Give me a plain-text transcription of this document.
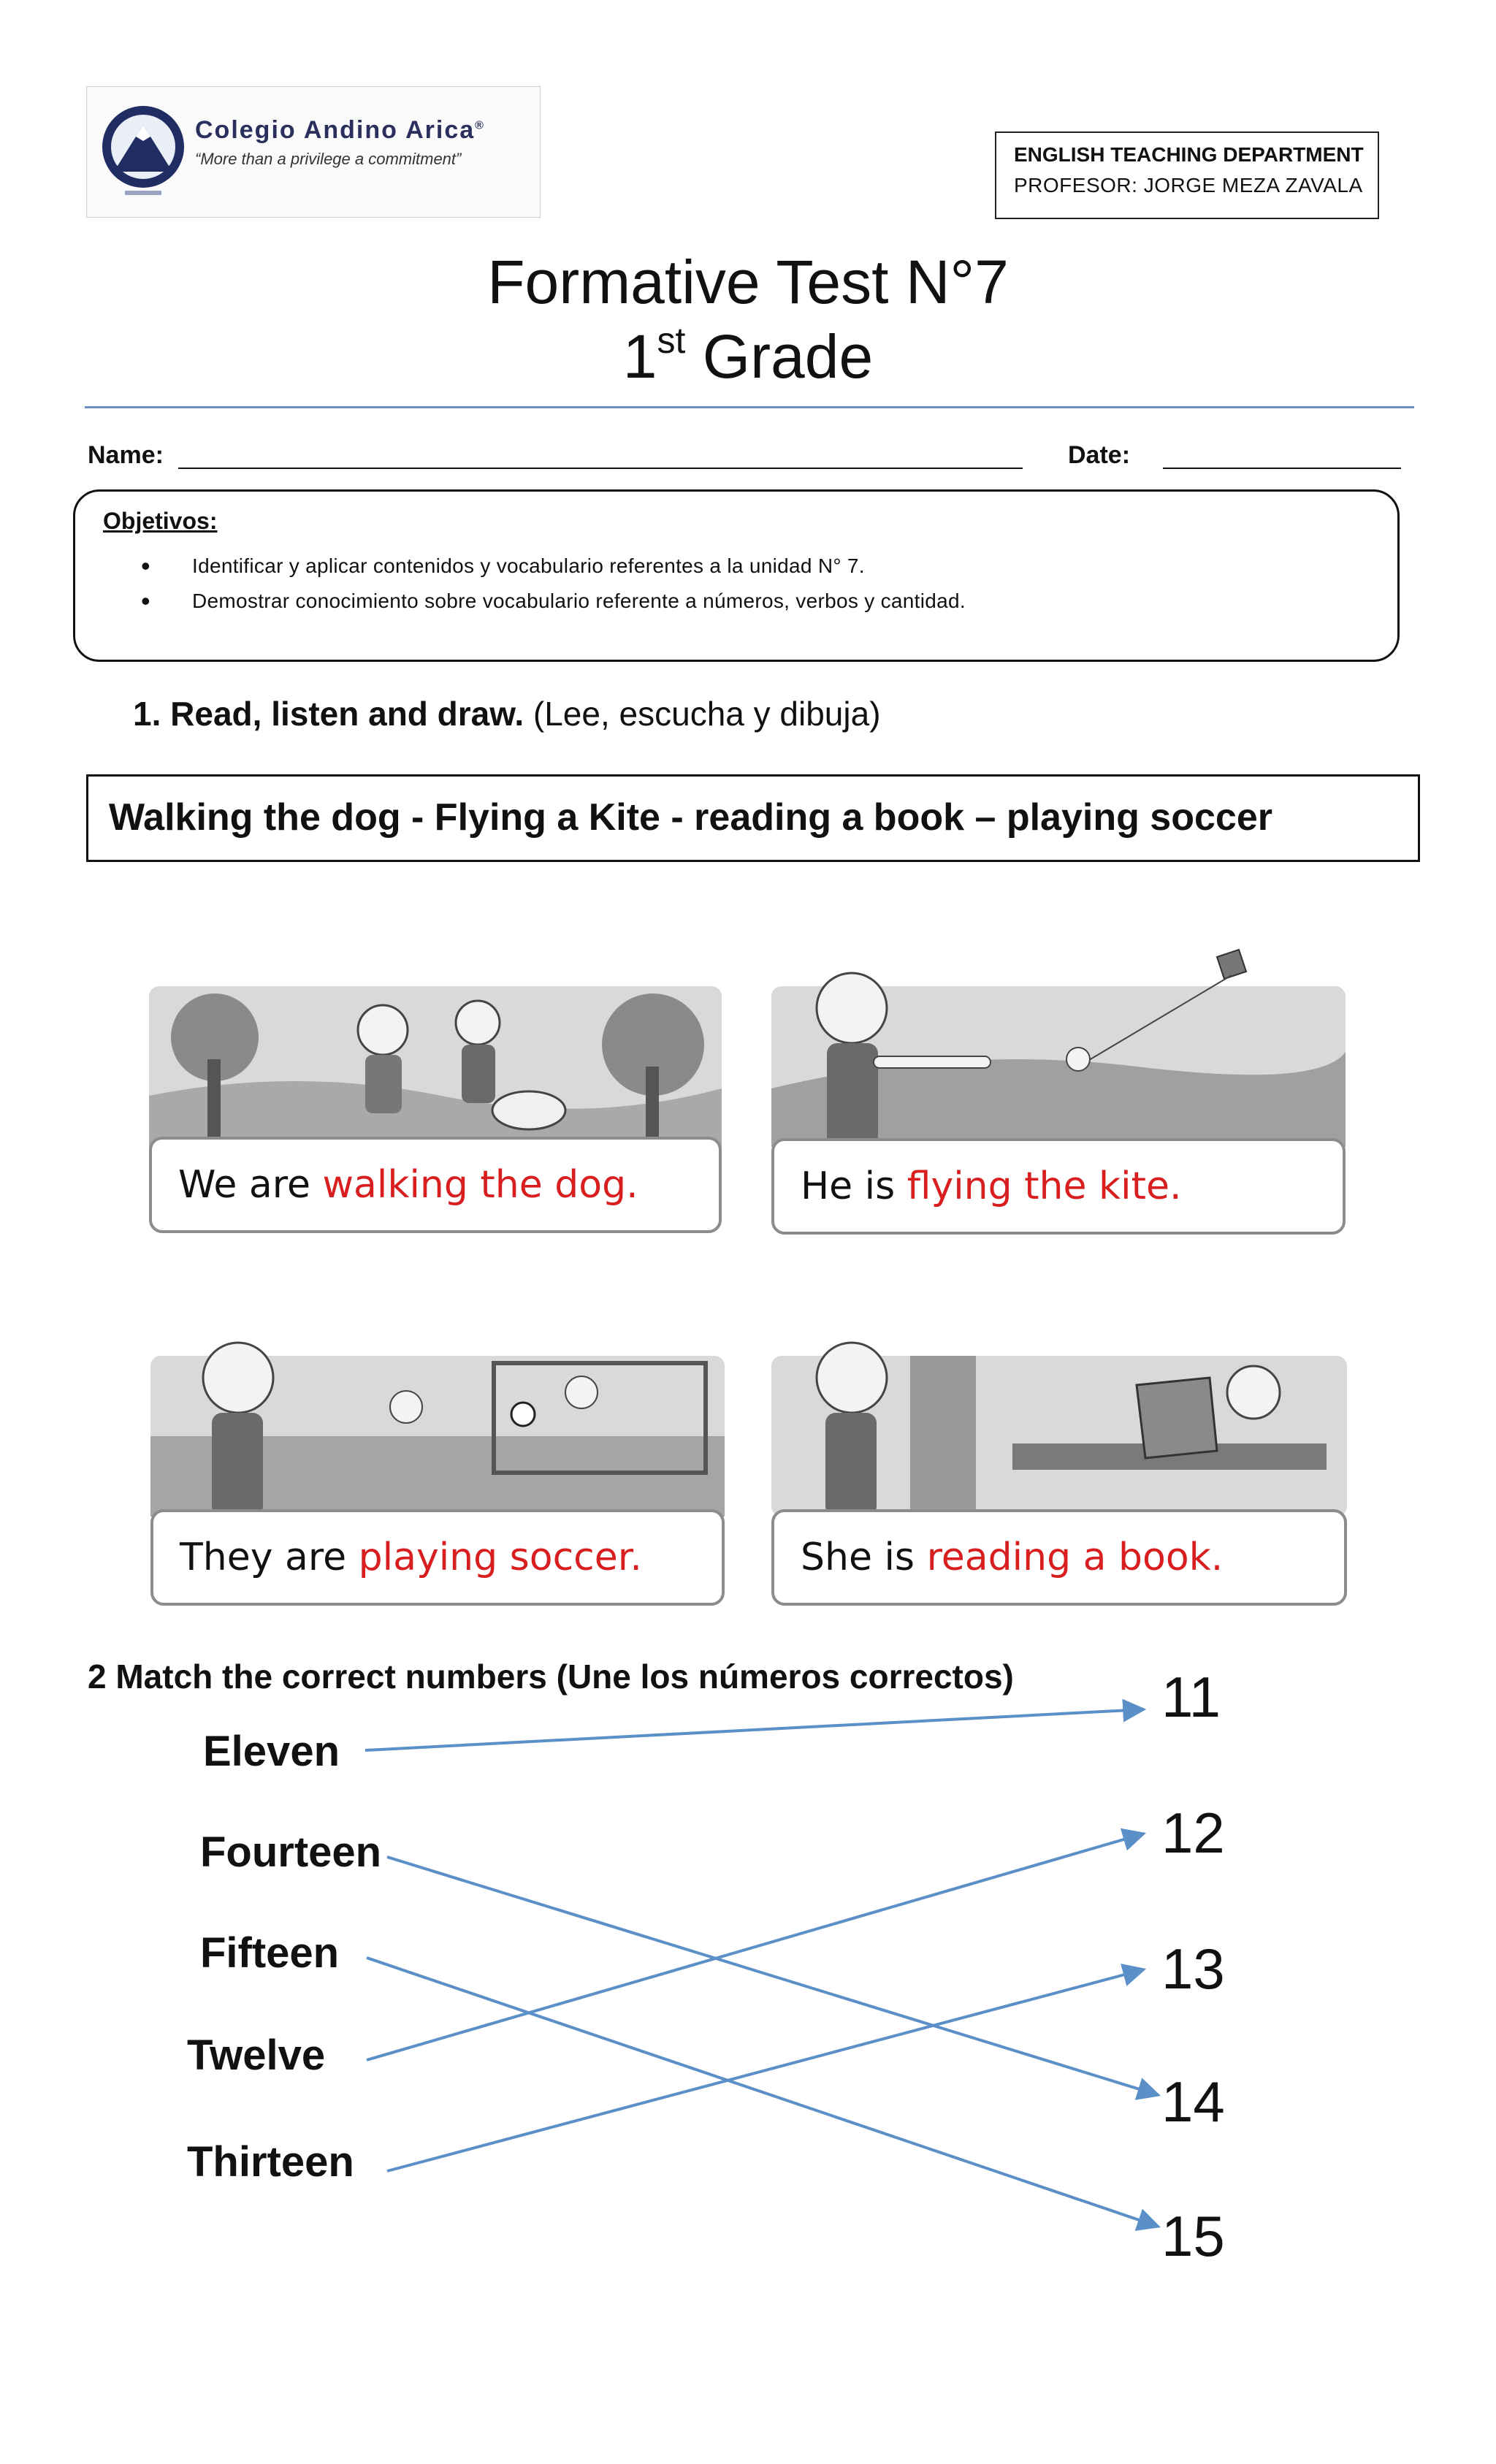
Colegio Andino Arica®
“More than a privilege a commitment”	ENGLISH TEACHING DEPARTMENT
PROFESOR: JORGE MEZA ZAVALA
Formative Test N°7
1st Grade
Name:	Date:
Objetivos:
• Identificar y aplicar contenidos y vocabulario referentes a la unidad N° 7.
• Demostrar conocimiento sobre vocabulario referente a números, verbos y cantidad.
1. Read, listen and draw. (Lee, escucha y dibuja)
Walking the dog - Flying a Kite - reading a book – playing soccer
We are walking the dog.	He is flying the kite.
They are playing soccer.	She is reading a book.
2 Match the correct numbers (Une los números correctos)
Eleven
Fourteen
Fifteen
Twelve
Thirteen
11
12
13
14
15
